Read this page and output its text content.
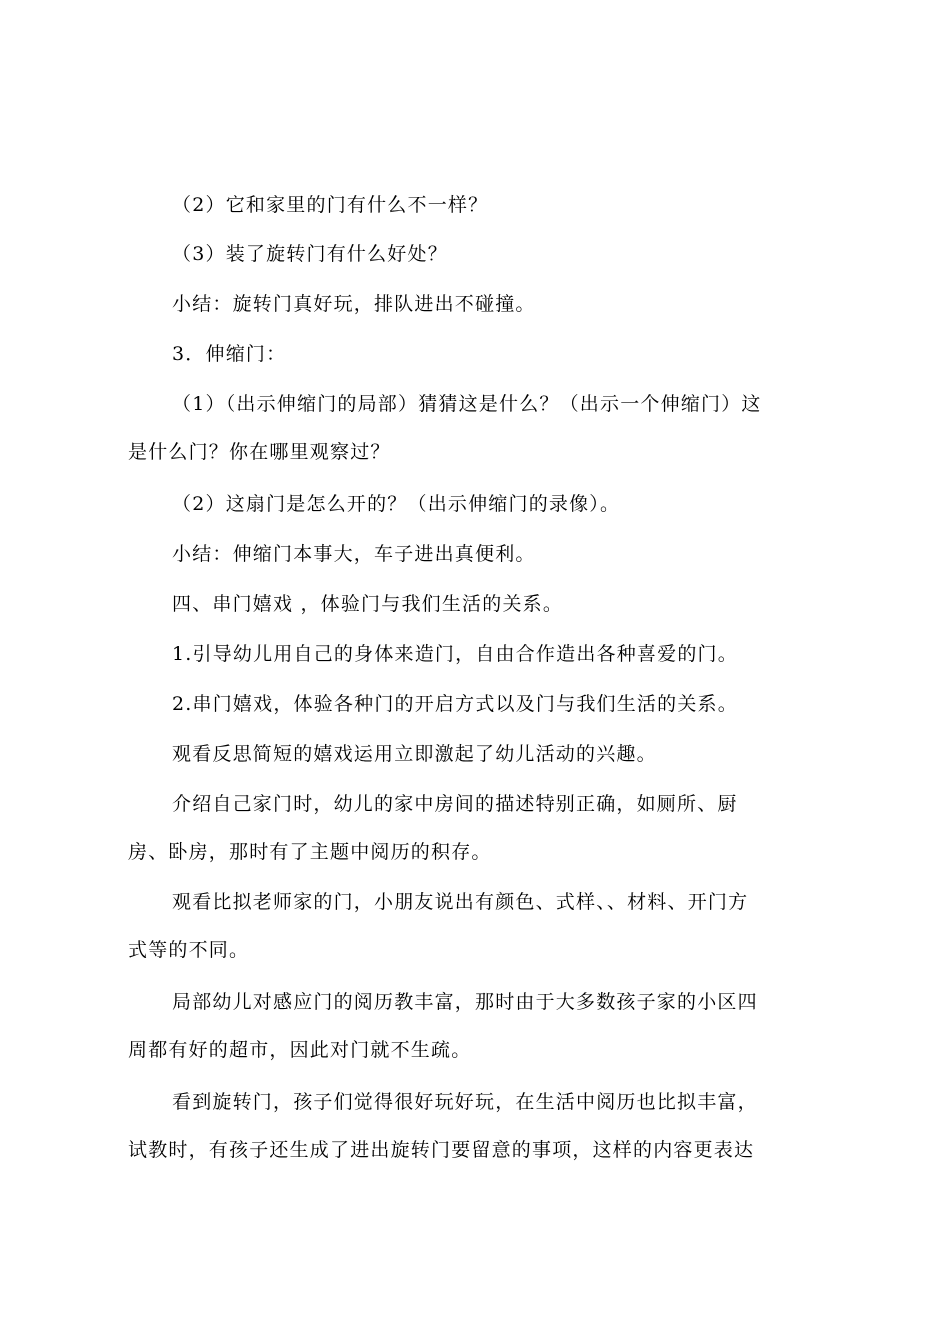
（2）它和家里的门有什么不一样？

（3）装了旋转门有什么好处？

小结：旋转门真好玩，排队进出不碰撞。

3．伸缩门：

（1）（出示伸缩门的局部）猜猜这是什么？（出示一个伸缩门）这
是什么门？你在哪里观察过？

（2）这扇门是怎么开的？（出示伸缩门的录像）。

小结：伸缩门本事大，车子进出真便利。

四、串门嬉戏 ，体验门与我们生活的关系。

1.引导幼儿用自己的身体来造门，自由合作造出各种喜爱的门。

2.串门嬉戏，体验各种门的开启方式以及门与我们生活的关系。

观看反思简短的嬉戏运用立即激起了幼儿活动的兴趣。

介绍自己家门时，幼儿的家中房间的描述特别正确，如厕所、厨
房、卧房，那时有了主题中阅历的积存。

观看比拟老师家的门，小朋友说出有颜色、式样、、材料、开门方
式等的不同。

局部幼儿对感应门的阅历教丰富，那时由于大多数孩子家的小区四
周都有好的超市，因此对门就不生疏。

看到旋转门，孩子们觉得很好玩好玩，在生活中阅历也比拟丰富，
试教时，有孩子还生成了进出旋转门要留意的事项，这样的内容更表达
